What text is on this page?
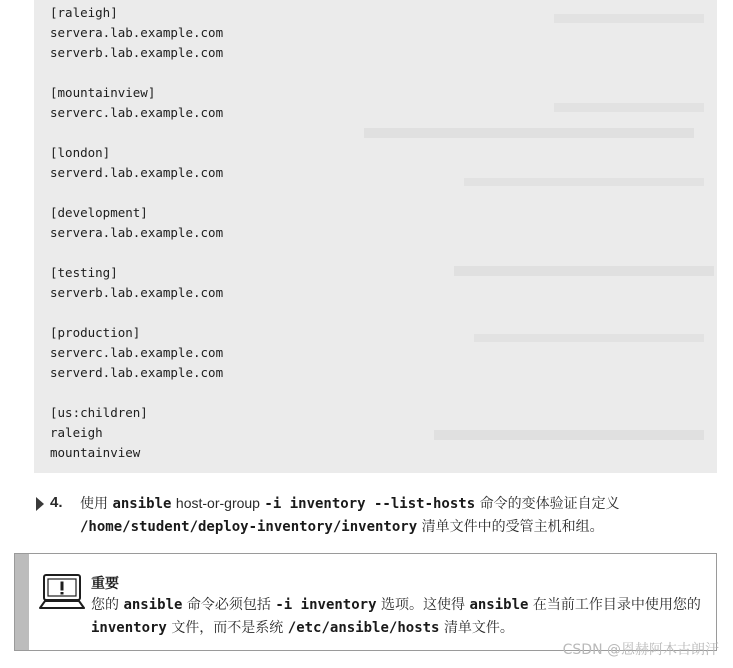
[raleigh]
servera.lab.example.com
serverb.lab.example.com
[mountainview]
serverc.lab.example.com
[london]
serverd.lab.example.com
[development]
servera.lab.example.com
[testing]
serverb.lab.example.com
[production]
serverc.lab.example.com
serverd.lab.example.com
[us:children]
raleigh
mountainview
4. 使用 ansible host-or-group -i inventory --list-hosts 命令的变体验证自定义 /home/student/deploy-inventory/inventory 清单文件中的受管主机和组。
重要
您的 ansible 命令必须包括 -i inventory 选项。这使得 ansible 在当前工作目录中使用您的 inventory 文件，而不是系统 /etc/ansible/hosts 清单文件。
CSDN @恩赫阿木古朗汗
